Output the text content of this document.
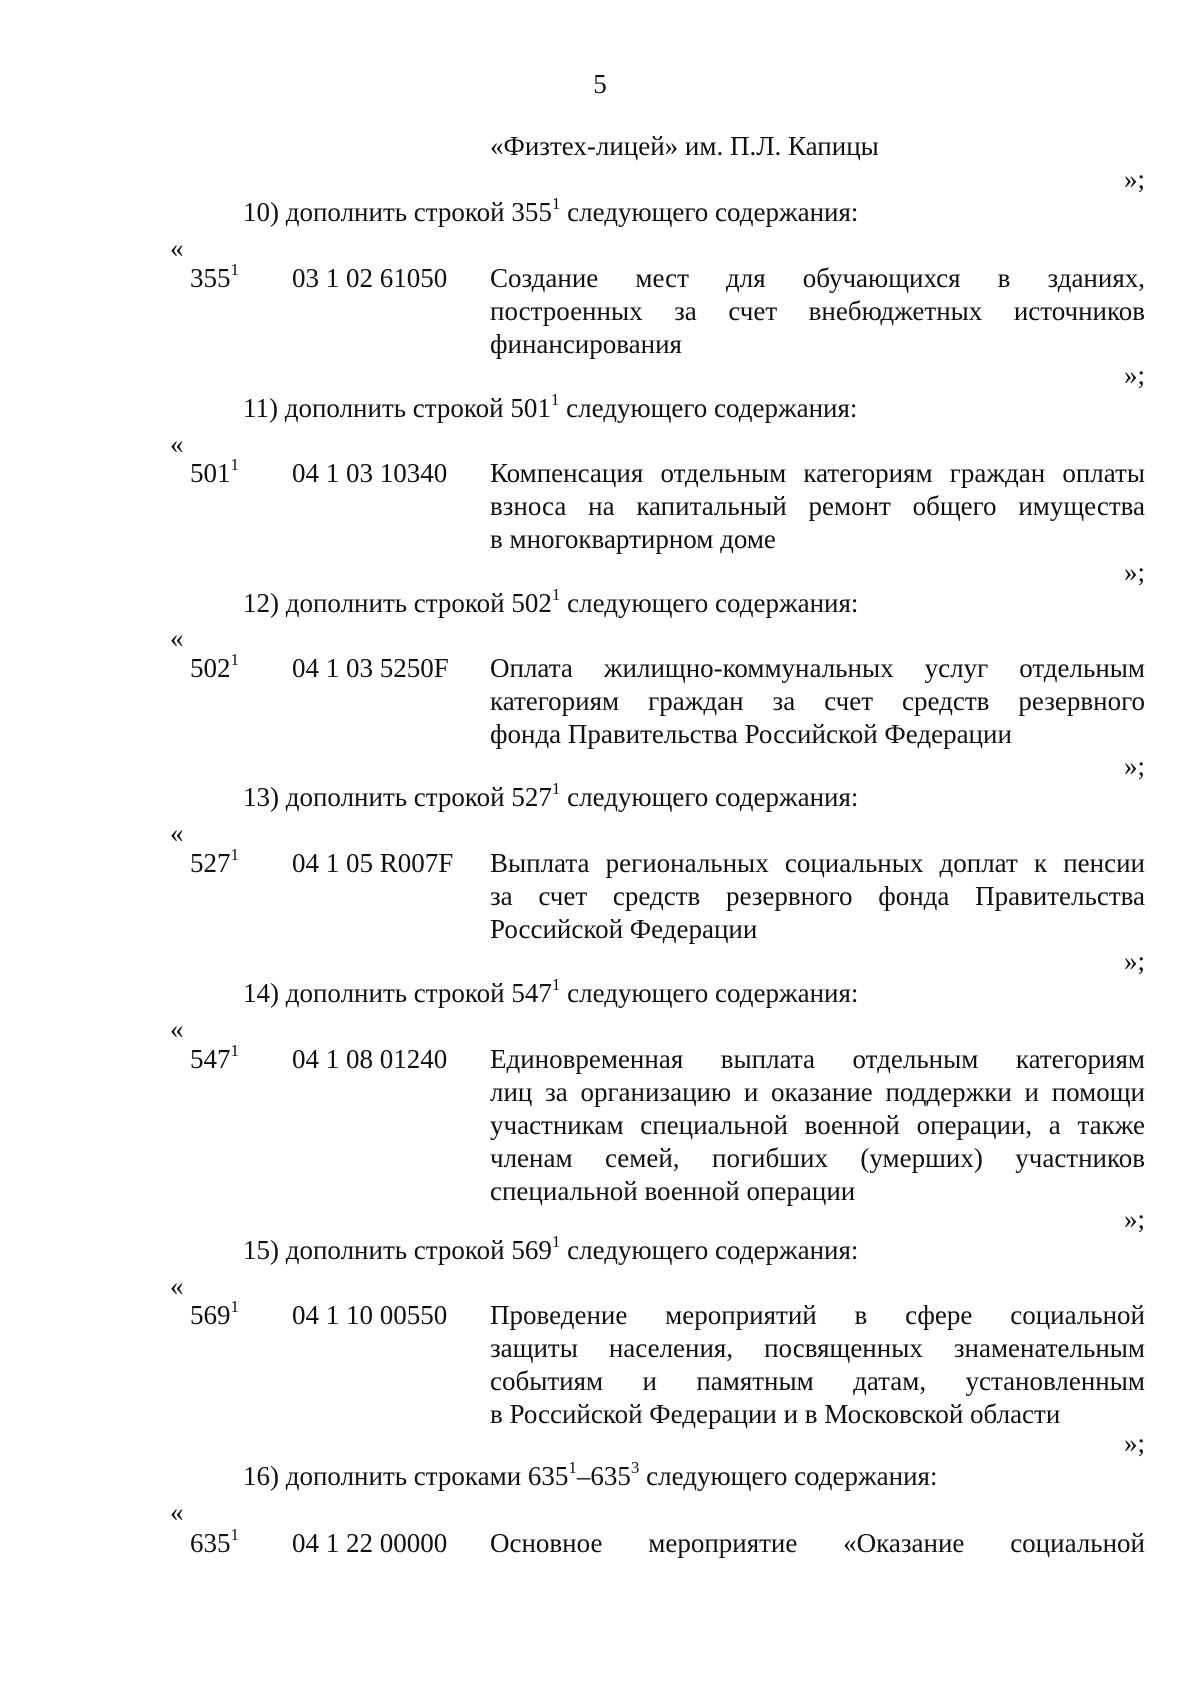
5
«Физтех-лицей» им. П.Л. Капицы
»;
10) дополнить строкой $355^1$ следующего содержания:
«
$355^1$ 03 1 02 61050 Создание мест для обучающихся в зданиях,
построенных за счет внебюджетных источников
финансирования
»;
11) дополнить строкой $501^1$ следующего содержания:
«
$501^1$ 04 1 03 10340 Компенсация отдельным категориям граждан оплаты
взноса на капитальный ремонт общего имущества
в многоквартирном доме
»;
12) дополнить строкой $502^1$ следующего содержания:
«
$502^1$ 04 1 03 5250F Оплата жилищно-коммунальных услуг отдельным
категориям граждан за счет средств резервного
фонда Правительства Российской Федерации
»;
13) дополнить строкой $527^1$ следующего содержания:
«
$527^1$ 04 1 05 R007F Выплата региональных социальных доплат к пенсии
за счет средств резервного фонда Правительства
Российской Федерации
»;
14) дополнить строкой $547^1$ следующего содержания:
«
$547^1$ 04 1 08 01240 Единовременная выплата отдельным категориям
лиц за организацию и оказание поддержки и помощи
участникам специальной военной операции, а также
членам семей, погибших (умерших) участников
специальной военной операции
»;
15) дополнить строкой $569^1$ следующего содержания:
«
$569^1$ 04 1 10 00550 Проведение мероприятий в сфере социальной
защиты населения, посвященных знаменательным
событиям и памятным датам, установленным
в Российской Федерации и в Московской области
»;
16) дополнить строками $635^1-635^3$ следующего содержания:
«
$635^1$ 04 1 22 00000 Основное мероприятие «Оказание социальной
